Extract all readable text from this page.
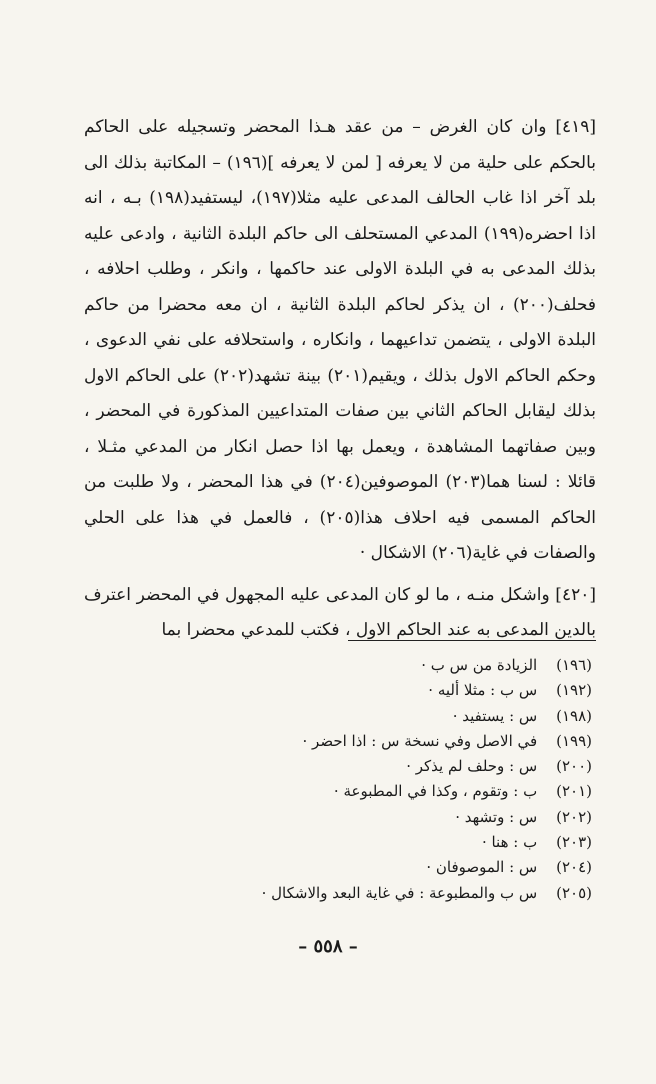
[٤١٩] وان كان الغرض – من عقد هـذا المحضر وتسجيله على الحاكم بالحكم على حلية من لا يعرفه [ لمن لا يعرفه ](١٩٦) – المكاتبة بذلك الى بلد آخر اذا غاب الحالف المدعى عليه مثلا(١٩٧)، ليستفيد(١٩٨) بـه ، انه اذا احضره(١٩٩) المدعي المستحلف الى حاكم البلدة الثانية ، وادعى عليه بذلك المدعى به في البلدة الاولى عند حاكمها ، وانكر ، وطلب احلافه ، فحلف(٢٠٠) ، ان يذكر لحاكم البلدة الثانية ، ان معه محضرا من حاكم البلدة الاولى ، يتضمن تداعيهما ، وانكاره ، واستحلافه على نفي الدعوى ، وحكم الحاكم الاول بذلك ، ويقيم(٢٠١) بينة تشهد(٢٠٢) على الحاكم الاول بذلك ليقابل الحاكم الثاني بين صفات المتداعيين المذكورة في المحضر ، وبين صفاتهما المشاهدة ، ويعمل بها اذا حصل انكار من المدعي مثـلا ، قائلا : لسنا هما(٢٠٣) الموصوفين(٢٠٤) في هذا المحضر ، ولا طلبت من الحاكم المسمى فيه احلاف هذا(٢٠٥) ، فالعمل في هذا على الحلي والصفات في غاية(٢٠٦) الاشكال ·

[٤٢٠] واشكل منـه ، ما لو كان المدعى عليه المجهول في المحضر اعترف بالدين المدعى به عند الحاكم الاول ، فكتب للمدعي محضرا بما

(١٩٦) الزيادة من س ب ·
(١٩٢) س ب : مثلا أليه ·
(١٩٨) س : يستفيد ·
(١٩٩) في الاصل وفي نسخة س : اذا احضر ·
(٢٠٠) س : وحلف لم يذكر ·
(٢٠١) ب : وتقوم ، وكذا في المطبوعة ·
(٢٠٢) س : وتشهد ·
(٢٠٣) ب : هنا ·
(٢٠٤) س : الموصوفان ·
(٢٠٥) س ب والمطبوعة : في غاية البعد والاشكال ·
– ٥٥٨ –
